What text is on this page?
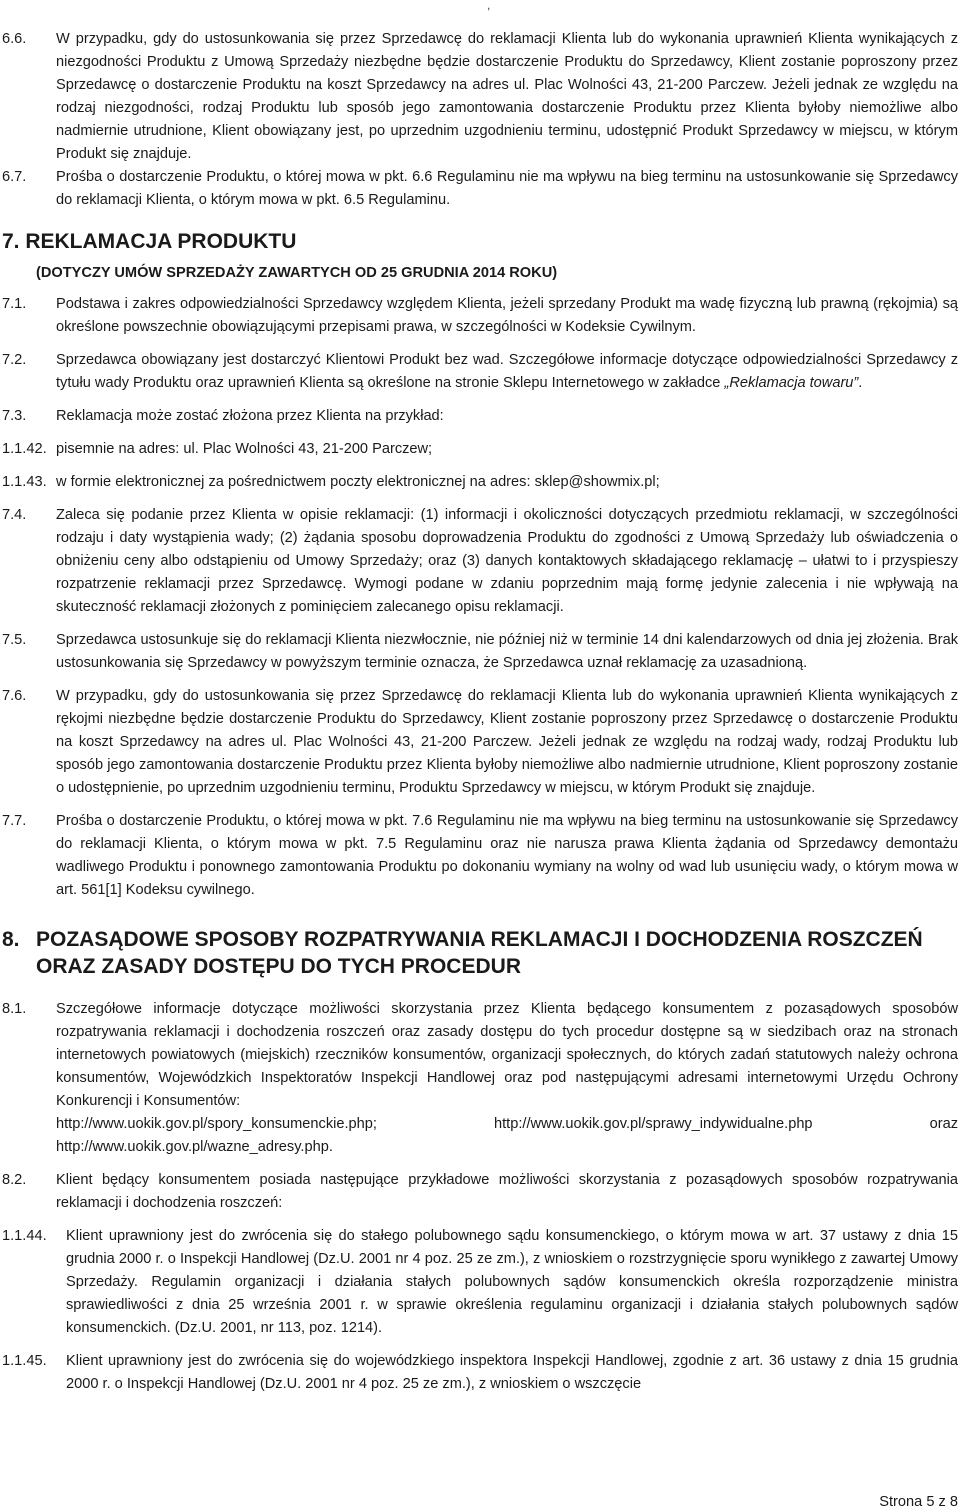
,
6.6.	W przypadku, gdy do ustosunkowania się przez Sprzedawcę do reklamacji Klienta lub do wykonania uprawnień Klienta wynikających z niezgodności Produktu z Umową Sprzedaży niezbędne będzie dostarczenie Produktu do Sprzedawcy, Klient zostanie poproszony przez Sprzedawcę o dostarczenie Produktu na koszt Sprzedawcy na adres ul. Plac Wolności 43, 21-200 Parczew. Jeżeli jednak ze względu na rodzaj niezgodności, rodzaj Produktu lub sposób jego zamontowania dostarczenie Produktu przez Klienta byłoby niemożliwe albo nadmiernie utrudnione, Klient obowiązany jest, po uprzednim uzgodnieniu terminu, udostępnić Produkt Sprzedawcy w miejscu, w którym Produkt się znajduje.
6.7.	Prośba o dostarczenie Produktu, o której mowa w pkt. 6.6 Regulaminu nie ma wpływu na bieg terminu na ustosunkowanie się Sprzedawcy do reklamacji Klienta, o którym mowa w pkt. 6.5 Regulaminu.
7. REKLAMACJA PRODUKTU
(DOTYCZY UMÓW SPRZEDAŻY ZAWARTYCH OD 25 GRUDNIA 2014 ROKU)
7.1.	Podstawa i zakres odpowiedzialności Sprzedawcy względem Klienta, jeżeli sprzedany Produkt ma wadę fizyczną lub prawną (rękojmia) są określone powszechnie obowiązującymi przepisami prawa, w szczególności w Kodeksie Cywilnym.
7.2.	Sprzedawca obowiązany jest dostarczyć Klientowi Produkt bez wad. Szczegółowe informacje dotyczące odpowiedzialności Sprzedawcy z tytułu wady Produktu oraz uprawnień Klienta są określone na stronie Sklepu Internetowego w zakładce „Reklamacja towaru”.
7.3.	Reklamacja może zostać złożona przez Klienta na przykład:
1.1.42. pisemnie na adres: ul. Plac Wolności 43, 21-200 Parczew;
1.1.43. w formie elektronicznej za pośrednictwem poczty elektronicznej na adres: sklep@showmix.pl;
7.4.	Zaleca się podanie przez Klienta w opisie reklamacji: (1) informacji i okoliczności dotyczących przedmiotu reklamacji, w szczególności rodzaju i daty wystąpienia wady; (2) żądania sposobu doprowadzenia Produktu do zgodności z Umową Sprzedaży lub oświadczenia o obniżeniu ceny albo odstąpieniu od Umowy Sprzedaży; oraz (3) danych kontaktowych składającego reklamację – ułatwi to i przyspieszy rozpatrzenie reklamacji przez Sprzedawcę. Wymogi podane w zdaniu poprzednim mają formę jedynie zalecenia i nie wpływają na skuteczność reklamacji złożonych z pominięciem zalecanego opisu reklamacji.
7.5.	Sprzedawca ustosunkuje się do reklamacji Klienta niezwłocznie, nie później niż w terminie 14 dni kalendarzowych od dnia jej złożenia. Brak ustosunkowania się Sprzedawcy w powyższym terminie oznacza, że Sprzedawca uznał reklamację za uzasadnioną.
7.6.	W przypadku, gdy do ustosunkowania się przez Sprzedawcę do reklamacji Klienta lub do wykonania uprawnień Klienta wynikających z rękojmi niezbędne będzie dostarczenie Produktu do Sprzedawcy, Klient zostanie poproszony przez Sprzedawcę o dostarczenie Produktu na koszt Sprzedawcy na adres ul. Plac Wolności 43, 21-200 Parczew. Jeżeli jednak ze względu na rodzaj wady, rodzaj Produktu lub sposób jego zamontowania dostarczenie Produktu przez Klienta byłoby niemożliwe albo nadmiernie utrudnione, Klient poproszony zostanie o udostępnienie, po uprzednim uzgodnieniu terminu, Produktu Sprzedawcy w miejscu, w którym Produkt się znajduje.
7.7.	Prośba o dostarczenie Produktu, o której mowa w pkt. 7.6 Regulaminu nie ma wpływu na bieg terminu na ustosunkowanie się Sprzedawcy do reklamacji Klienta, o którym mowa w pkt. 7.5 Regulaminu oraz nie narusza prawa Klienta żądania od Sprzedawcy demontażu wadliwego Produktu i ponownego zamontowania Produktu po dokonaniu wymiany na wolny od wad lub usunięciu wady, o którym mowa w art. 561[1] Kodeksu cywilnego.
8. POZASĄDOWE SPOSOBY ROZPATRYWANIA REKLAMACJI I DOCHODZENIA ROSZCZEŃ ORAZ ZASADY DOSTĘPU DO TYCH PROCEDUR
8.1.	Szczegółowe informacje dotyczące możliwości skorzystania przez Klienta będącego konsumentem z pozasądowych sposobów rozpatrywania reklamacji i dochodzenia roszczeń oraz zasady dostępu do tych procedur dostępne są w siedzibach oraz na stronach internetowych powiatowych (miejskich) rzeczników konsumentów, organizacji społecznych, do których zadań statutowych należy ochrona konsumentów, Wojewódzkich Inspektoratów Inspekcji Handlowej oraz pod następującymi adresami internetowymi Urzędu Ochrony Konkurencji i Konsumentów:
http://www.uokik.gov.pl/spory_konsumenckie.php;	http://www.uokik.gov.pl/sprawy_indywidualne.php	oraz
http://www.uokik.gov.pl/wazne_adresy.php.
8.2.	Klient będący konsumentem posiada następujące przykładowe możliwości skorzystania z pozasądowych sposobów rozpatrywania reklamacji i dochodzenia roszczeń:
1.1.44.	Klient uprawniony jest do zwrócenia się do stałego polubownego sądu konsumenckiego, o którym mowa w art. 37 ustawy z dnia 15 grudnia 2000 r. o Inspekcji Handlowej (Dz.U. 2001 nr 4 poz. 25 ze zm.), z wnioskiem o rozstrzygnięcie sporu wynikłego z zawartej Umowy Sprzedaży. Regulamin organizacji i działania stałych polubownych sądów konsumenckich określa rozporządzenie ministra sprawiedliwości z dnia 25 września 2001 r. w sprawie określenia regulaminu organizacji i działania stałych polubownych sądów konsumenckich. (Dz.U. 2001, nr 113, poz. 1214).
1.1.45.	Klient uprawniony jest do zwrócenia się do wojewódzkiego inspektora Inspekcji Handlowej, zgodnie z art. 36 ustawy z dnia 15 grudnia 2000 r. o Inspekcji Handlowej (Dz.U. 2001 nr 4 poz. 25 ze zm.), z wnioskiem o wszczęcie
Strona 5 z 8
